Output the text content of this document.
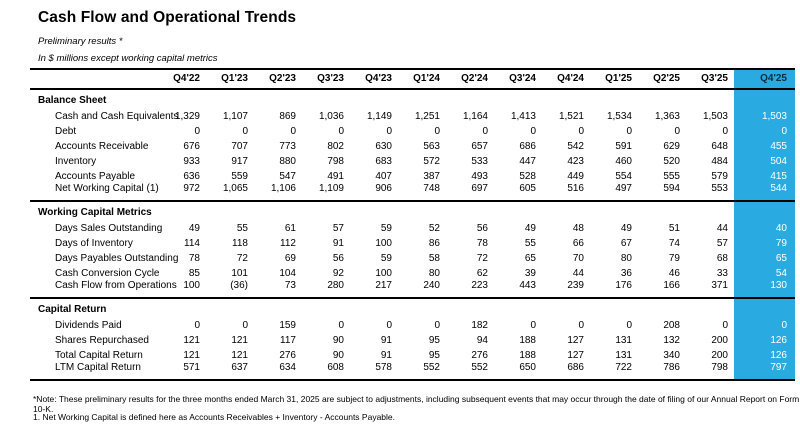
Cash Flow and Operational Trends
Preliminary results *
In $ millions except working capital metrics
	Q4'22	Q1'23	Q2'23	Q3'23	Q4'23	Q1'24	Q2'24	Q3'24	Q4'24	Q1'25	Q2'25	Q3'25	Q4'25
Balance Sheet													
Cash and Cash Equivalents	1,329	1,107	869	1,036	1,149	1,251	1,164	1,413	1,521	1,534	1,363	1,503	1,503
Debt	0	0	0	0	0	0	0	0	0	0	0	0	0
Accounts Receivable	676	707	773	802	630	563	657	686	542	591	629	648	455
Inventory	933	917	880	798	683	572	533	447	423	460	520	484	504
Accounts Payable	636	559	547	491	407	387	493	528	449	554	555	579	415
Net Working Capital (1)	972	1,065	1,106	1,109	906	748	697	605	516	497	594	553	544
Working Capital Metrics													
Days Sales Outstanding	49	55	61	57	59	52	56	49	48	49	51	44	40
Days of Inventory	114	118	112	91	100	86	78	55	66	67	74	57	79
Days Payables Outstanding	78	72	69	56	59	58	72	65	70	80	79	68	65
Cash Conversion Cycle	85	101	104	92	100	80	62	39	44	36	46	33	54
Cash Flow from Operations	100	(36)	73	280	217	240	223	443	239	176	166	371	130
Capital Return													
Dividends Paid	0	0	159	0	0	0	182	0	0	0	208	0	0
Shares Repurchased	121	121	117	90	91	95	94	188	127	131	132	200	126
Total Capital Return	121	121	276	90	91	95	276	188	127	131	340	200	126
LTM Capital Return	571	637	634	608	578	552	552	650	686	722	786	798	797
*Note: These preliminary results for the three months ended March 31, 2025 are subject to adjustments, including subsequent events that may occur through the date of filing of our Annual Report on Form 10-K.
1. Net Working Capital is defined here as Accounts Receivables + Inventory - Accounts Payable.
